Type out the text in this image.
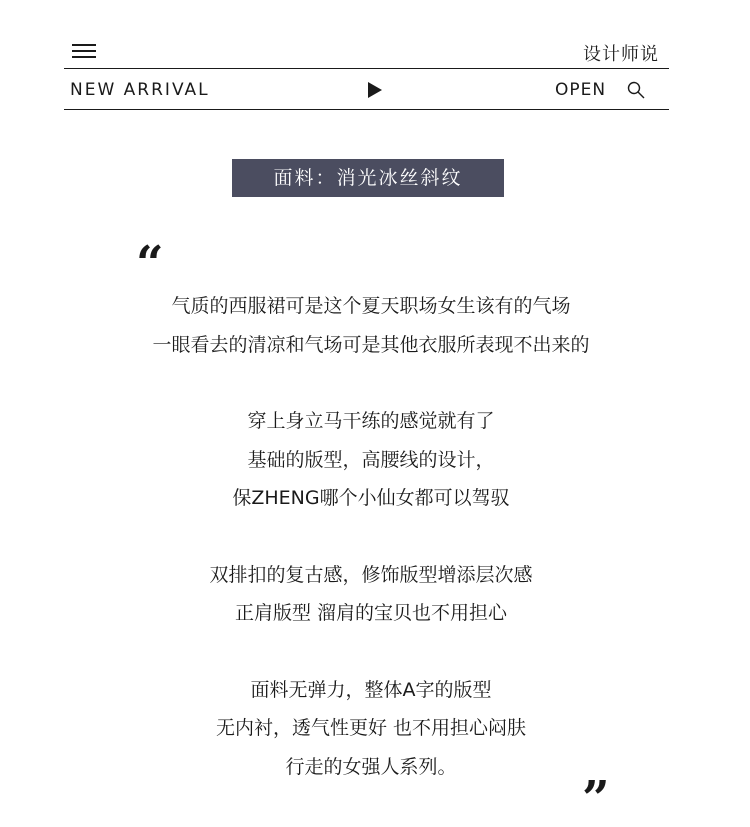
设计师说
NEW ARRIVAL	OPEN
面料：消光冰丝斜纹
“
气质的西服裙可是这个夏天职场女生该有的气场
一眼看去的清凉和气场可是其他衣服所表现不出来的
穿上身立马干练的感觉就有了
基础的版型，高腰线的设计，
保ZHENG哪个小仙女都可以驾驭
双排扣的复古感，修饰版型增添层次感
正肩版型 溜肩的宝贝也不用担心
面料无弹力，整体A字的版型
无内衬，透气性更好 也不用担心闷肤
行走的女强人系列。
”
